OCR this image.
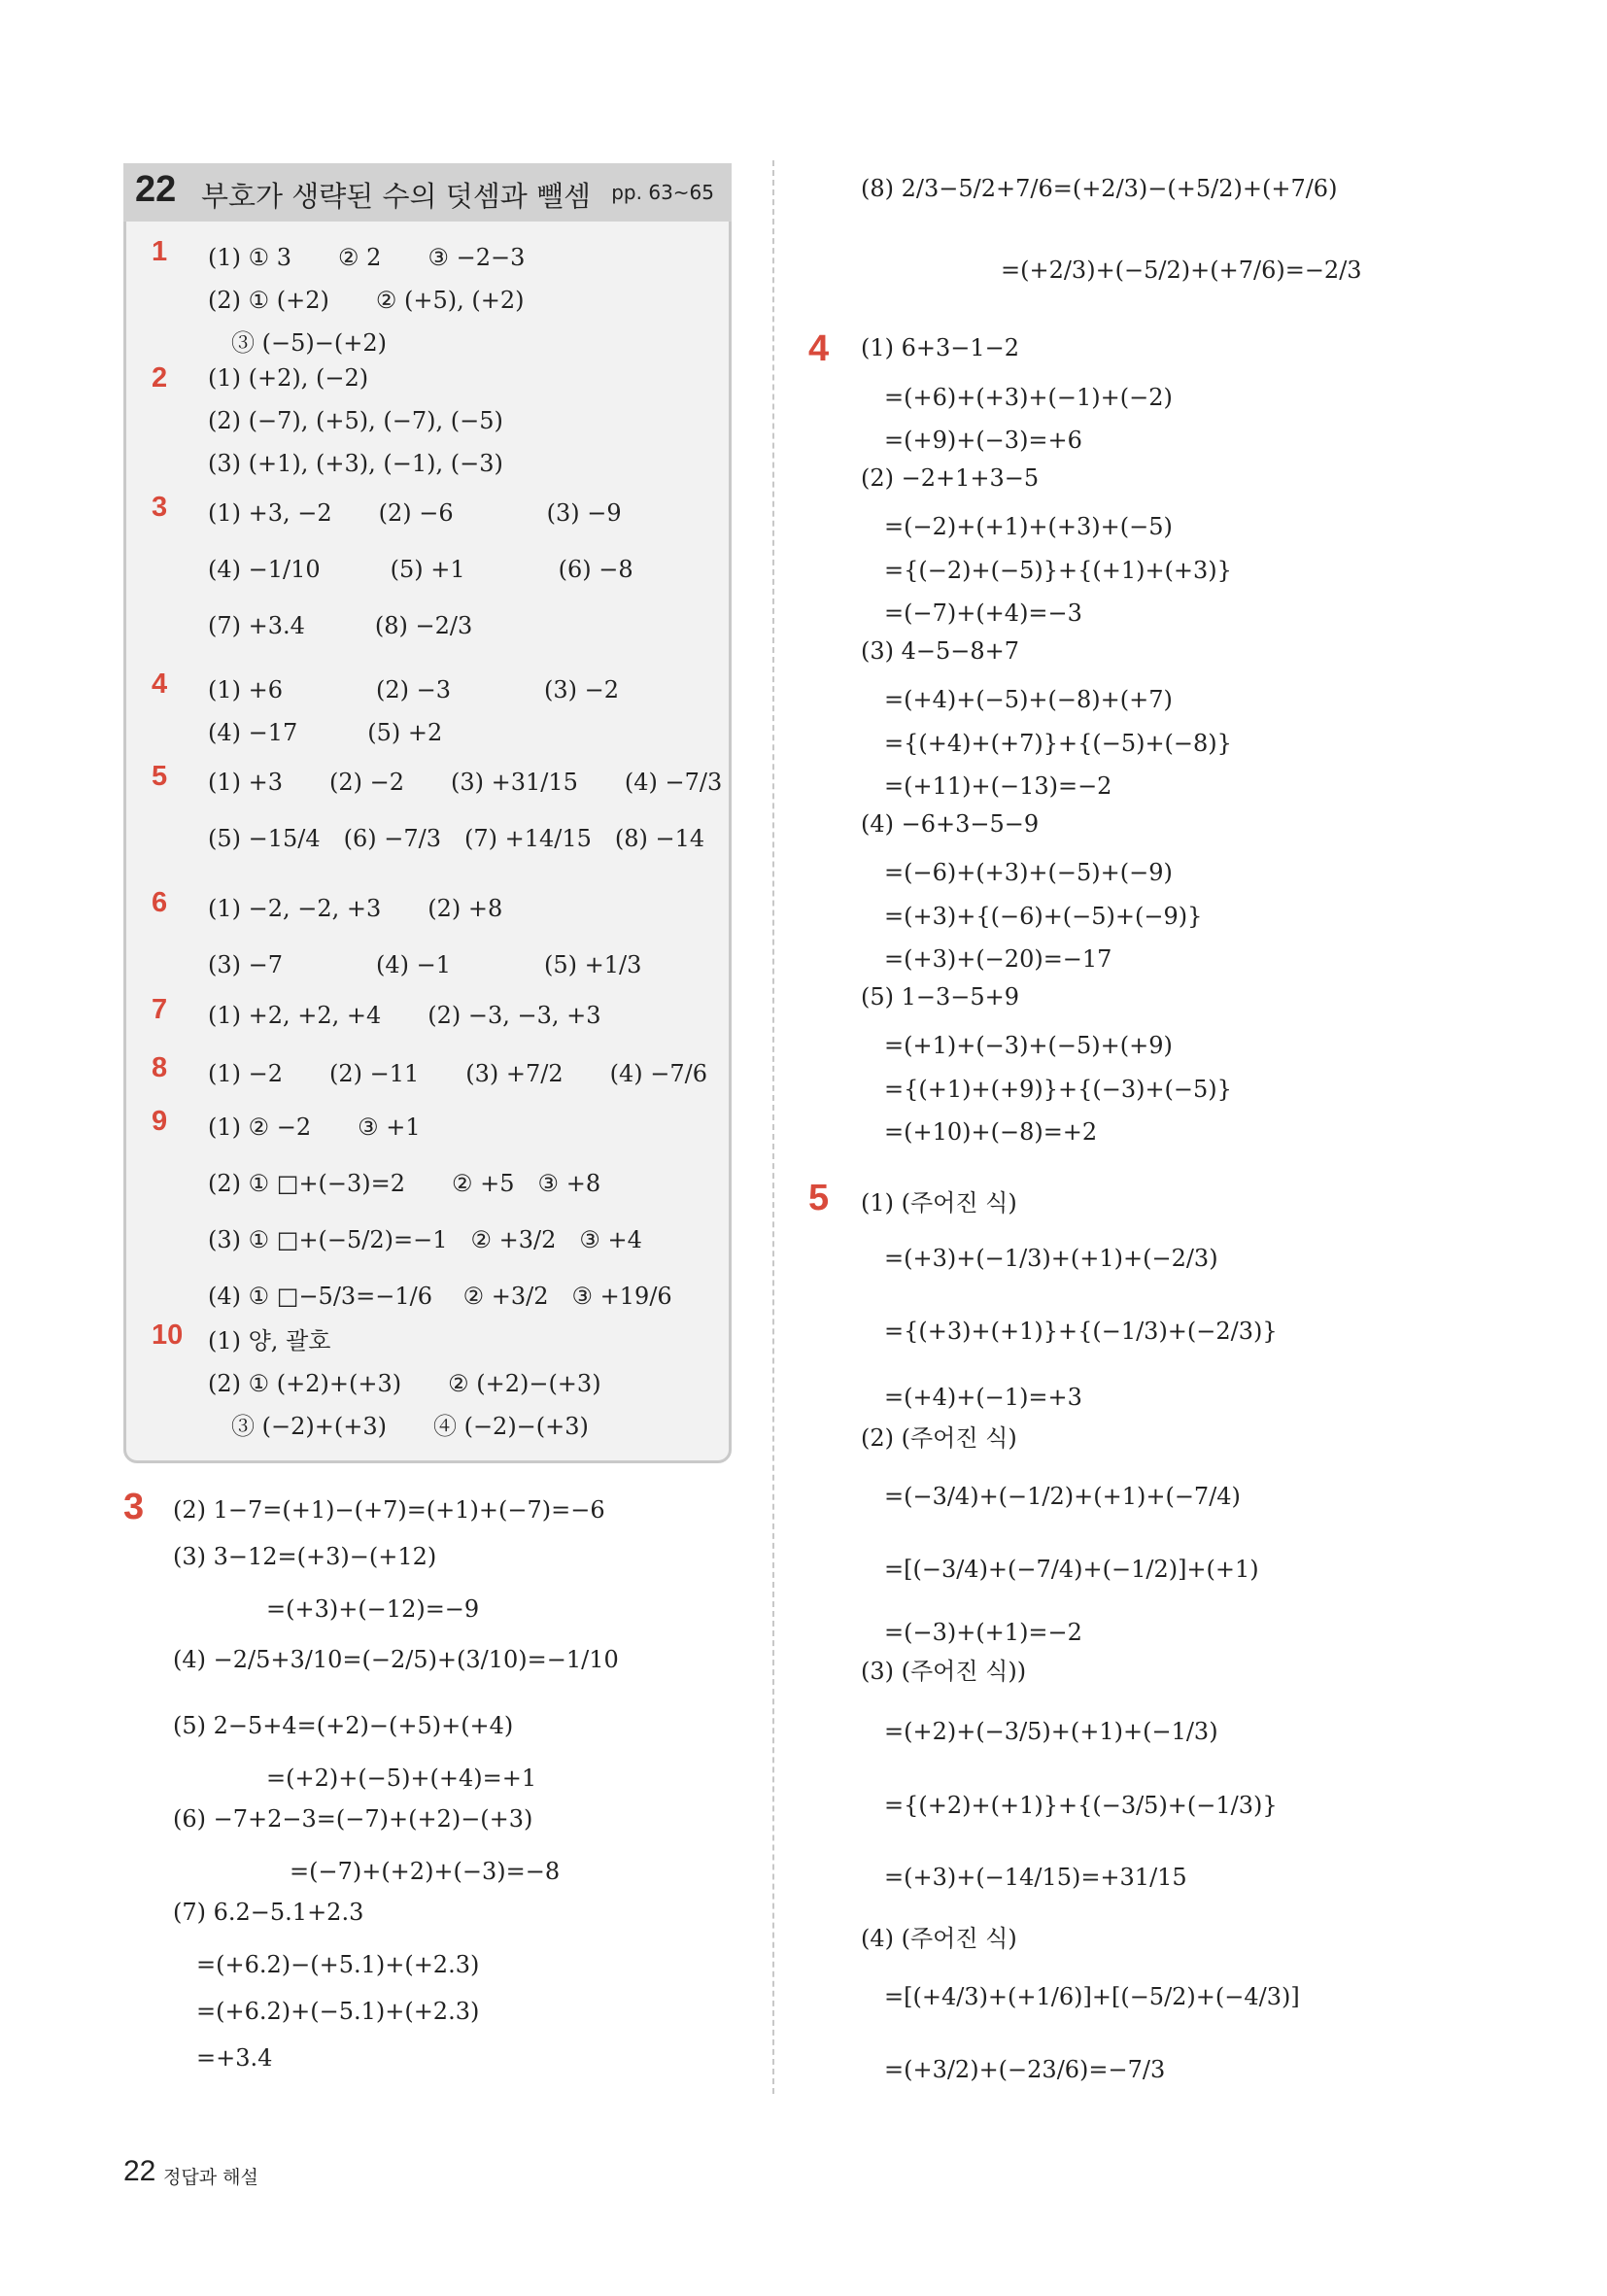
22 부호가 생략된 수의 덧셈과 뺄셈 pp. 63~65
1 (1) ① 3　　② 2　　③ −2−3
(2) ① (+2)　　② (+5), (+2)
　③ (−5)−(+2)
2 (1) (+2), (−2)
(2) (−7), (+5), (−7), (−5)
(3) (+1), (+3), (−1), (−3)
3 (1) +3, −2　　(2) −6　　　　(3) −9
(4) −1/10　　　(5) +1　　　　(6) −8
(7) +3.4　　　(8) −2/3
4 (1) +6　　　　(2) −3　　　　(3) −2
(4) −17　　　(5) +2
5 (1) +3　　(2) −2　　(3) +31/15　　(4) −7/3
(5) −15/4　(6) −7/3　(7) +14/15　(8) −14
6 (1) −2, −2, +3　　(2) +8
(3) −7　　　　(4) −1　　　　(5) +1/3
7 (1) +2, +2, +4　　(2) −3, −3, +3
8 (1) −2　　(2) −11　　(3) +7/2　　(4) −7/6
9 (1) ② −2　　③ +1
(2) ① □+(−3)=2　　② +5　③ +8
(3) ① □+(−5/2)=−1　② +3/2　③ +4
(4) ① □−5/3=−1/6　 ② +3/2　③ +19/6
10 (1) 양, 괄호
(2) ① (+2)+(+3)　　② (+2)−(+3)
　③ (−2)+(+3)　　④ (−2)−(+3)
3 (2) 1−7=(+1)−(+7)=(+1)+(−7)=−6
(3) 3−12=(+3)−(+12)
　　　　=(+3)+(−12)=−9
(4) −2/5+3/10=(−2/5)+(3/10)=−1/10
(5) 2−5+4=(+2)−(+5)+(+4)
　　　　=(+2)+(−5)+(+4)=+1
(6) −7+2−3=(−7)+(+2)−(+3)
　　　　　=(−7)+(+2)+(−3)=−8
(7) 6.2−5.1+2.3
　=(+6.2)−(+5.1)+(+2.3)
　=(+6.2)+(−5.1)+(+2.3)
　=+3.4
(8) 2/3−5/2+7/6=(+2/3)−(+5/2)+(+7/6)
　　　　　　=(+2/3)+(−5/2)+(+7/6)=−2/3
4 (1) 6+3−1−2
　=(+6)+(+3)+(−1)+(−2)
　=(+9)+(−3)=+6
(2) −2+1+3−5
　=(−2)+(+1)+(+3)+(−5)
　={(−2)+(−5)}+{(+1)+(+3)}
　=(−7)+(+4)=−3
(3) 4−5−8+7
　=(+4)+(−5)+(−8)+(+7)
　={(+4)+(+7)}+{(−5)+(−8)}
　=(+11)+(−13)=−2
(4) −6+3−5−9
　=(−6)+(+3)+(−5)+(−9)
　=(+3)+{(−6)+(−5)+(−9)}
　=(+3)+(−20)=−17
(5) 1−3−5+9
　=(+1)+(−3)+(−5)+(+9)
　={(+1)+(+9)}+{(−3)+(−5)}
　=(+10)+(−8)=+2
5 (1) (주어진 식)
　=(+3)+(−1/3)+(+1)+(−2/3)
　={(+3)+(+1)}+{(−1/3)+(−2/3)}
　=(+4)+(−1)=+3
(2) (주어진 식)
　=(−3/4)+(−1/2)+(+1)+(−7/4)
　=[(−3/4)+(−7/4)+(−1/2)]+(+1)
　=(−3)+(+1)=−2
(3) (주어진 식))
　=(+2)+(−3/5)+(+1)+(−1/3)
　={(+2)+(+1)}+{(−3/5)+(−1/3)}
　=(+3)+(−14/15)=+31/15
(4) (주어진 식)
　=[(+4/3)+(+1/6)]+[(−5/2)+(−4/3)]
　=(+3/2)+(−23/6)=−7/3
22 정답과 해설
